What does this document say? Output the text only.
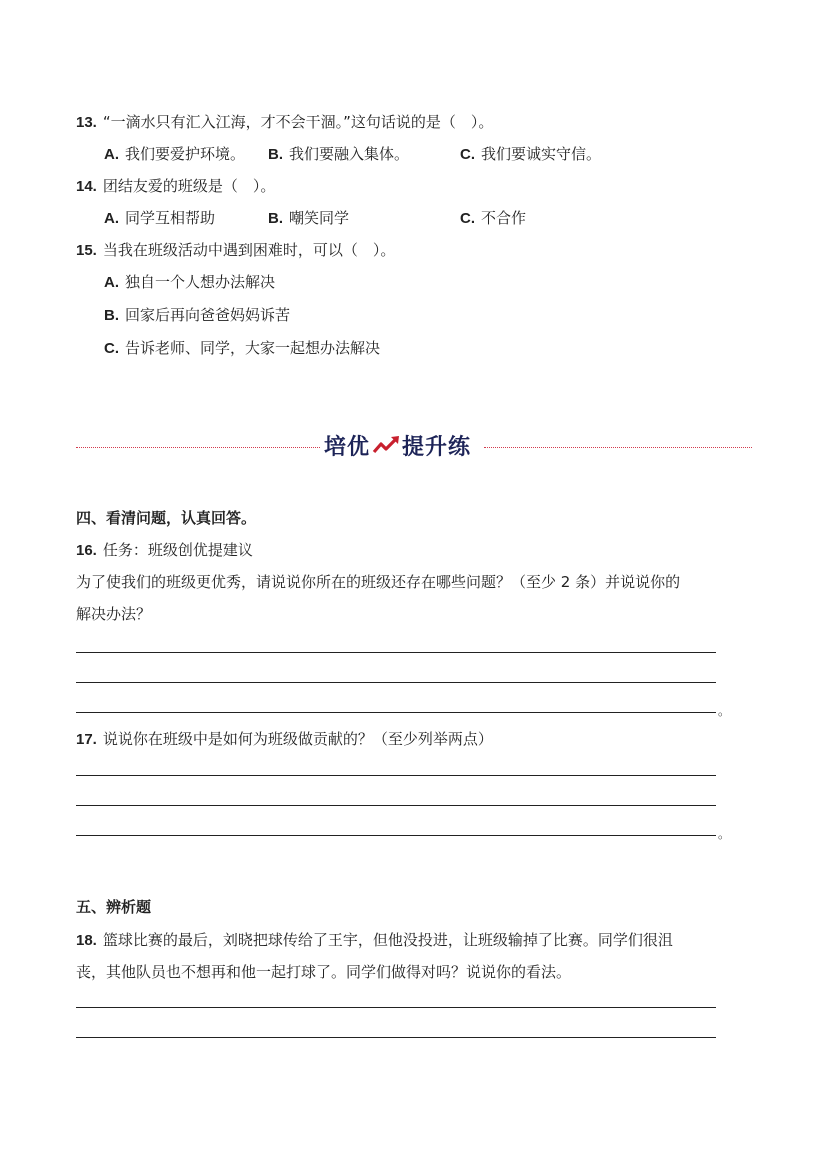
13. “一滴水只有汇入江海，才不会干涸。”这句话说的是（　）。
A. 我们要爱护环境。 B. 我们要融入集体。	C. 我们要诚实守信。
14. 团结友爱的班级是（　）。
A. 同学互相帮助	B. 嘲笑同学	C. 不合作
15. 当我在班级活动中遇到困难时，可以（　）。
A. 独自一个人想办法解决
B. 回家后再向爸爸妈妈诉苦
C. 告诉老师、同学，大家一起想办法解决
培优 提升练
四、看清问题，认真回答。
16. 任务：班级创优提建议
为了使我们的班级更优秀，请说说你所在的班级还存在哪些问题？（至少 2 条）并说说你的
解决办法？
。
17. 说说你在班级中是如何为班级做贡献的？（至少列举两点）
。
五、辨析题
18. 篮球比赛的最后，刘晓把球传给了王宇，但他没投进，让班级输掉了比赛。同学们很沮
丧，其他队员也不想再和他一起打球了。同学们做得对吗？说说你的看法。
